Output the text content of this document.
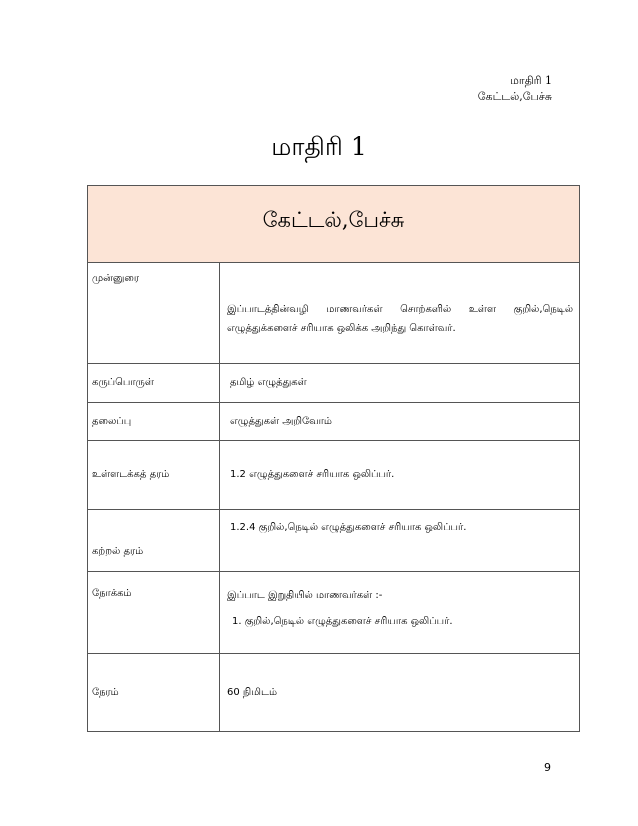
மாதிரி 1
கேட்டல்,பேச்சு
மாதிரி 1
கேட்டல்,பேச்சு	

முன்னுரை	இப்பாடத்தின்வழி மாணவர்கள் சொற்களில் உள்ள குறில்,நெடில்
எழுத்துக்களைச் சரியாக ஒலிக்க அறிந்து கொள்வர்.

கருப்பொருள்	தமிழ் எழுத்துகள்
தலைப்பு	எழுத்துகள் அறிவோம்
உள்ளடக்கத் தரம்	1.2 எழுத்துகளைச் சரியாக ஒலிப்பர்.

கற்றல் தரம்	1.2.4 குறில்,நெடில் எழுத்துகளைச் சரியாக ஒலிப்பர்.

நோக்கம்	இப்பாட இறுதியில் மாணவர்கள் :-
1. குறில்,நெடில் எழுத்துகளைச் சரியாக ஒலிப்பர்.

நேரம்	60 நிமிடம்
9
